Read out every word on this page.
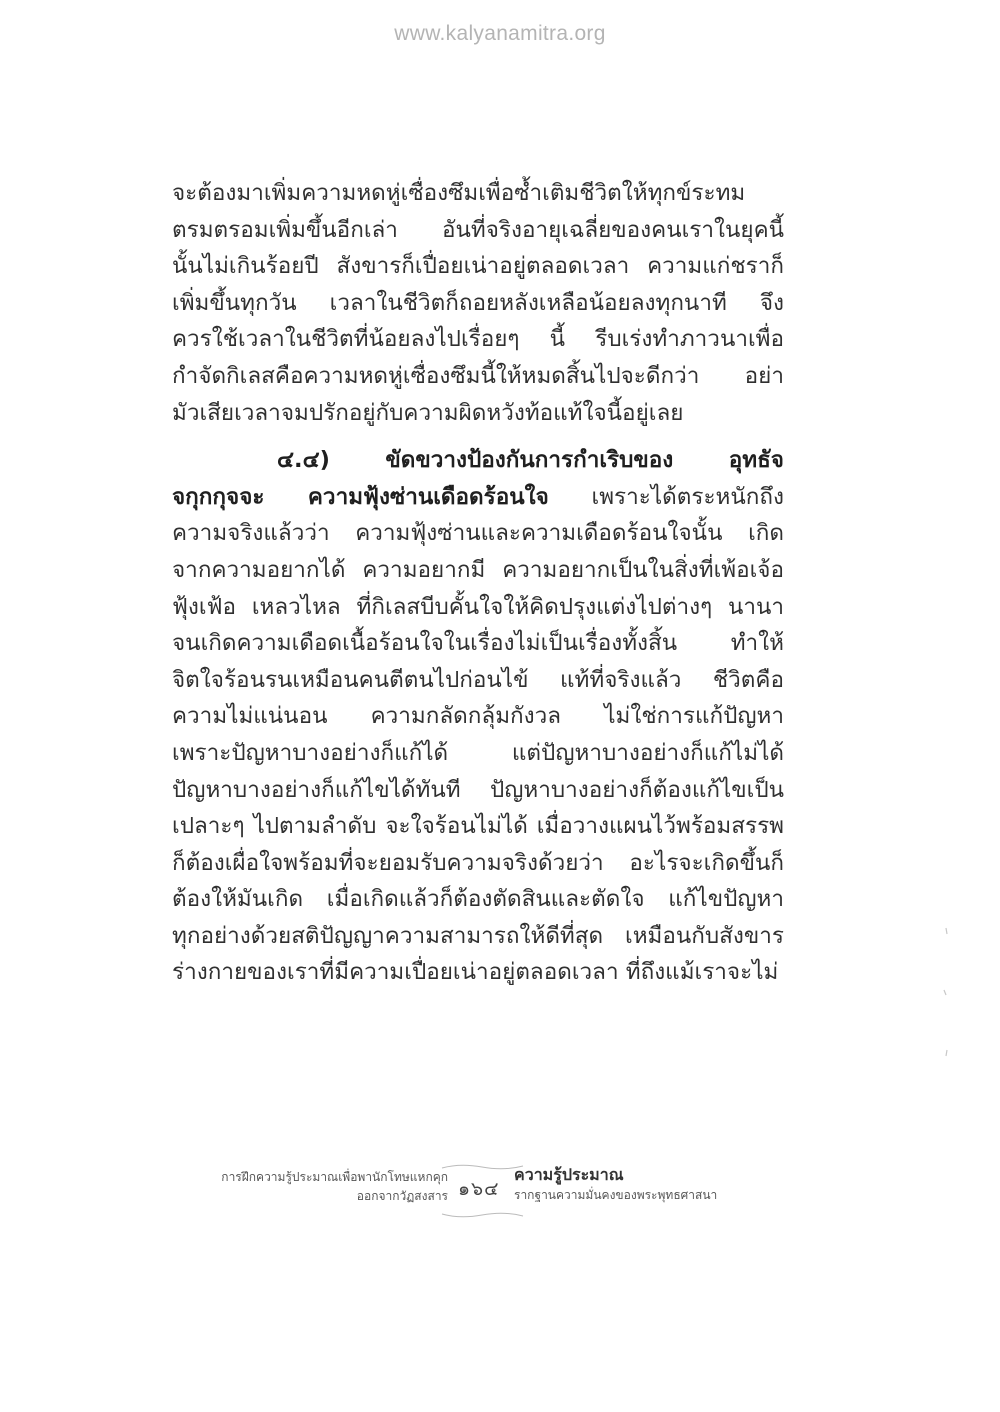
www.kalyanamitra.org
จะต้องมาเพิ่มความหดหู่เซื่องซึมเพื่อซ้ำเติมชีวิตให้ทุกข์ระทม
ตรมตรอมเพิ่มขึ้นอีกเล่า อันที่จริงอายุเฉลี่ยของคนเราในยุคนี้
นั้นไม่เกินร้อยปี สังขารก็เปื่อยเน่าอยู่ตลอดเวลา ความแก่ชราก็
เพิ่มขึ้นทุกวัน เวลาในชีวิตก็ถอยหลังเหลือน้อยลงทุกนาที จึง
ควรใช้เวลาในชีวิตที่น้อยลงไปเรื่อยๆ นี้ รีบเร่งทำภาวนาเพื่อ
กำจัดกิเลสคือความหดหู่เซื่องซึมนี้ให้หมดสิ้นไปจะดีกว่า อย่า
มัวเสียเวลาจมปรักอยู่กับความผิดหวังท้อแท้ใจนี้อยู่เลย
๔.๔) ขัดขวางป้องกันการกำเริบของ อุทธัจ
จกุกกุจจะ ความฟุ้งซ่านเดือดร้อนใจ เพราะได้ตระหนักถึง
ความจริงแล้วว่า ความฟุ้งซ่านและความเดือดร้อนใจนั้น เกิด
จากความอยากได้ ความอยากมี ความอยากเป็นในสิ่งที่เพ้อเจ้อ
ฟุ้งเฟ้อ เหลวไหล ที่กิเลสบีบคั้นใจให้คิดปรุงแต่งไปต่างๆ นานา
จนเกิดความเดือดเนื้อร้อนใจในเรื่องไม่เป็นเรื่องทั้งสิ้น ทำให้
จิตใจร้อนรนเหมือนคนตีตนไปก่อนไข้ แท้ที่จริงแล้ว ชีวิตคือ
ความไม่แน่นอน ความกลัดกลุ้มกังวล ไม่ใช่การแก้ปัญหา
เพราะปัญหาบางอย่างก็แก้ได้ แต่ปัญหาบางอย่างก็แก้ไม่ได้
ปัญหาบางอย่างก็แก้ไขได้ทันที ปัญหาบางอย่างก็ต้องแก้ไขเป็น
เปลาะๆ ไปตามลำดับ จะใจร้อนไม่ได้ เมื่อวางแผนไว้พร้อมสรรพ
ก็ต้องเผื่อใจพร้อมที่จะยอมรับความจริงด้วยว่า อะไรจะเกิดขึ้นก็
ต้องให้มันเกิด เมื่อเกิดแล้วก็ต้องตัดสินและตัดใจ แก้ไขปัญหา
ทุกอย่างด้วยสติปัญญาความสามารถให้ดีที่สุด เหมือนกับสังขาร
ร่างกายของเราที่มีความเปื่อยเน่าอยู่ตลอดเวลา ที่ถึงแม้เราจะไม่
การฝึกความรู้ประมาณเพื่อพานักโทษแหกคุก
ออกจากวัฏสงสาร ๑๖๔
ความรู้ประมาณ
รากฐานความมั่นคงของพระพุทธศาสนา
